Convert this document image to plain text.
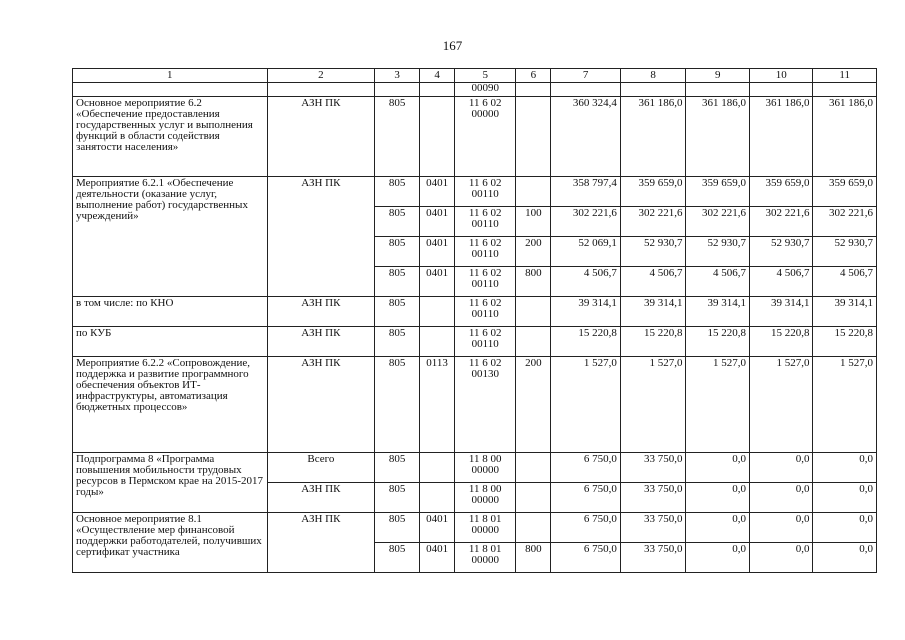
167
1	2	3	4	5	6	7	8	9	10	11
				00090						
Основное мероприятие 6.2 «Обеспечение предоставления государственных услуг и выполнения функций в области содействия занятости населения»	АЗН ПК	805		11 6 02 00000		360 324,4	361 186,0	361 186,0	361 186,0	361 186,0
Мероприятие 6.2.1 «Обеспечение деятельности (оказание услуг, выполнение работ) государственных учреждений»	АЗН ПК	805	0401	11 6 02 00110		358 797,4	359 659,0	359 659,0	359 659,0	359 659,0
		805	0401	11 6 02 00110	100	302 221,6	302 221,6	302 221,6	302 221,6	302 221,6
		805	0401	11 6 02 00110	200	52 069,1	52 930,7	52 930,7	52 930,7	52 930,7
		805	0401	11 6 02 00110	800	4 506,7	4 506,7	4 506,7	4 506,7	4 506,7
в том числе: по КНО	АЗН ПК	805		11 6 02 00110		39 314,1	39 314,1	39 314,1	39 314,1	39 314,1
по КУБ	АЗН ПК	805		11 6 02 00110		15 220,8	15 220,8	15 220,8	15 220,8	15 220,8
Мероприятие 6.2.2 «Сопровождение, поддержка и развитие программного обеспечения объектов ИТ-инфраструктуры, автоматизация бюджетных процессов»	АЗН ПК	805	0113	11 6 02 00130	200	1 527,0	1 527,0	1 527,0	1 527,0	1 527,0
Подпрограмма 8 «Программа повышения мобильности трудовых ресурсов в Пермском крае на 2015-2017 годы»	Всего	805		11 8 00 00000		6 750,0	33 750,0	0,0	0,0	0,0
	АЗН ПК	805		11 8 00 00000		6 750,0	33 750,0	0,0	0,0	0,0
Основное мероприятие 8.1 «Осуществление мер финансовой поддержки работодателей, получивших сертификат участника	АЗН ПК	805	0401	11 8 01 00000		6 750,0	33 750,0	0,0	0,0	0,0
		805	0401	11 8 01 00000	800	6 750,0	33 750,0	0,0	0,0	0,0
